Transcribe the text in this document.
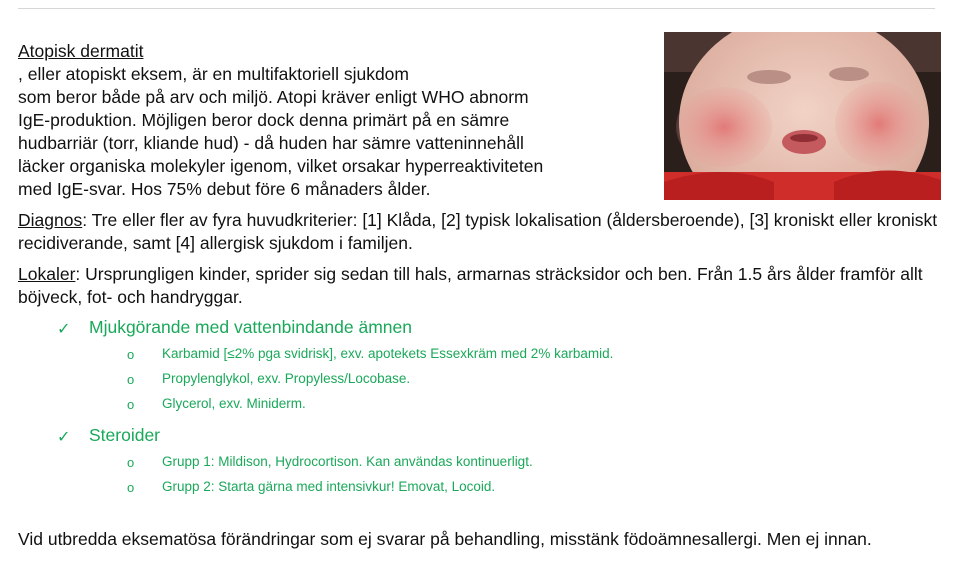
Atopisk dermatit
, eller atopiskt eksem, är en multifaktoriell sjukdom
som beror både på arv och miljö. Atopi kräver enligt WHO abnorm
IgE-produktion. Möjligen beror dock denna primärt på en sämre
hudbarriär (torr, kliande hud) - då huden har sämre vatteninnehåll
läcker organiska molekyler igenom, vilket orsakar hyperreaktiviteten
med IgE-svar. Hos 75% debut före 6 månaders ålder.

Diagnos: Tre eller fler av fyra huvudkriterier: [1] Klåda, [2] typisk lokalisation (åldersberoende), [3] kroniskt eller kroniskt recidiverande, samt [4] allergisk sjukdom i familjen.

Lokaler: Ursprungligen kinder, sprider sig sedan till hals, armarnas sträcksidor och ben. Från 1.5 års ålder framför allt böjveck, fot- och handryggar.

✓ Mjukgörande med vattenbindande ämnen
o Karbamid [≤2% pga svidrisk], exv. apotekets Essexkräm med 2% karbamid.
o Propylenglykol, exv. Propyless/Locobase.
o Glycerol, exv. Miniderm.
✓ Steroider
o Grupp 1: Mildison, Hydrocortison. Kan användas kontinuerligt.
o Grupp 2: Starta gärna med intensivkur! Emovat, Locoid.

Vid utbredda eksematösa förändringar som ej svarar på behandling, misstänk födoämnesallergi. Men ej innan.
